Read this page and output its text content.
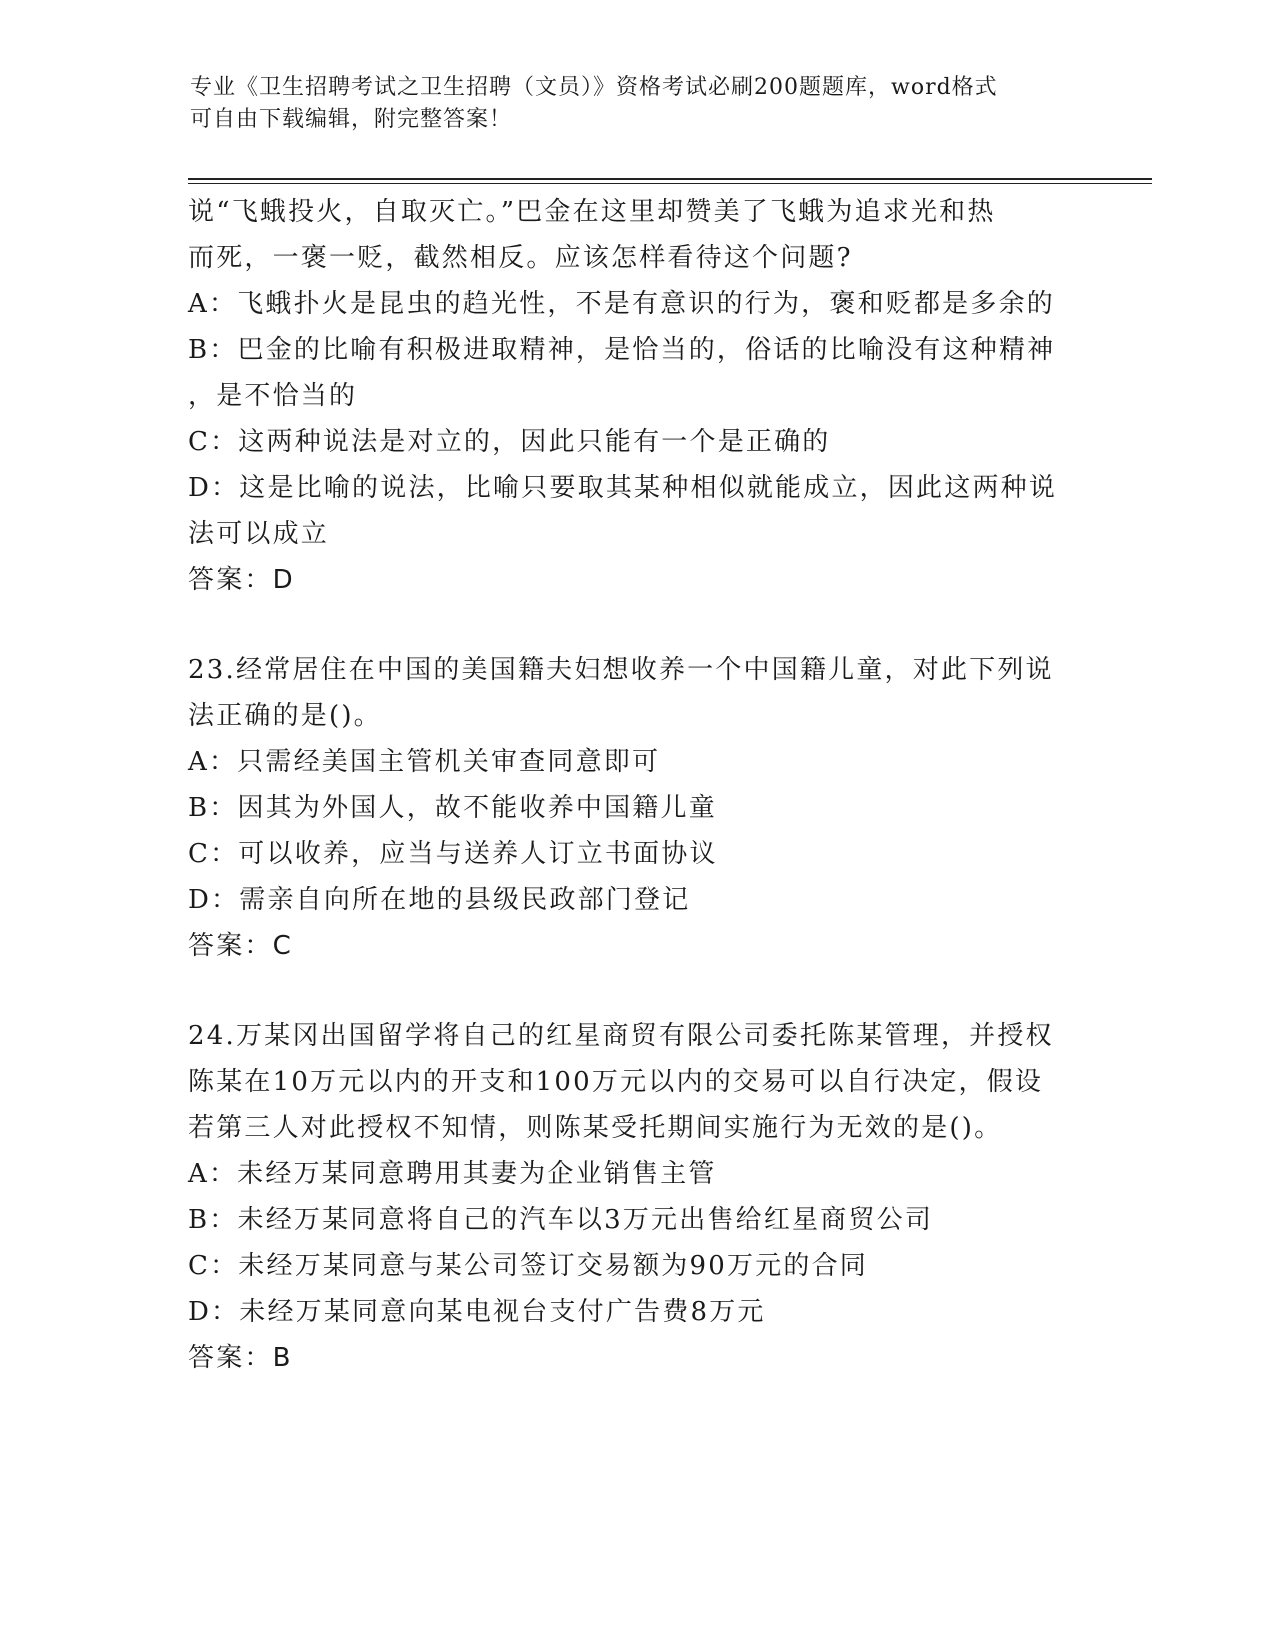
专业《卫生招聘考试之卫生招聘（文员）》资格考试必刷200题题库，word格式
可自由下载编辑，附完整答案！
说“飞蛾投火，自取灭亡。”巴金在这里却赞美了飞蛾为追求光和热
而死，一褒一贬，截然相反。应该怎样看待这个问题?
A：飞蛾扑火是昆虫的趋光性，不是有意识的行为，褒和贬都是多余的
B：巴金的比喻有积极进取精神，是恰当的，俗话的比喻没有这种精神
，是不恰当的
C：这两种说法是对立的，因此只能有一个是正确的
D：这是比喻的说法，比喻只要取其某种相似就能成立，因此这两种说
法可以成立
答案：D
23.经常居住在中国的美国籍夫妇想收养一个中国籍儿童，对此下列说
法正确的是()。
A：只需经美国主管机关审查同意即可
B：因其为外国人，故不能收养中国籍儿童
C：可以收养，应当与送养人订立书面协议
D：需亲自向所在地的县级民政部门登记
答案：C
24.万某冈出国留学将自己的红星商贸有限公司委托陈某管理，并授权
陈某在10万元以内的开支和100万元以内的交易可以自行决定，假设
若第三人对此授权不知情，则陈某受托期间实施行为无效的是()。
A：未经万某同意聘用其妻为企业销售主管
B：未经万某同意将自己的汽车以3万元出售给红星商贸公司
C：未经万某同意与某公司签订交易额为90万元的合同
D：未经万某同意向某电视台支付广告费8万元
答案：B
